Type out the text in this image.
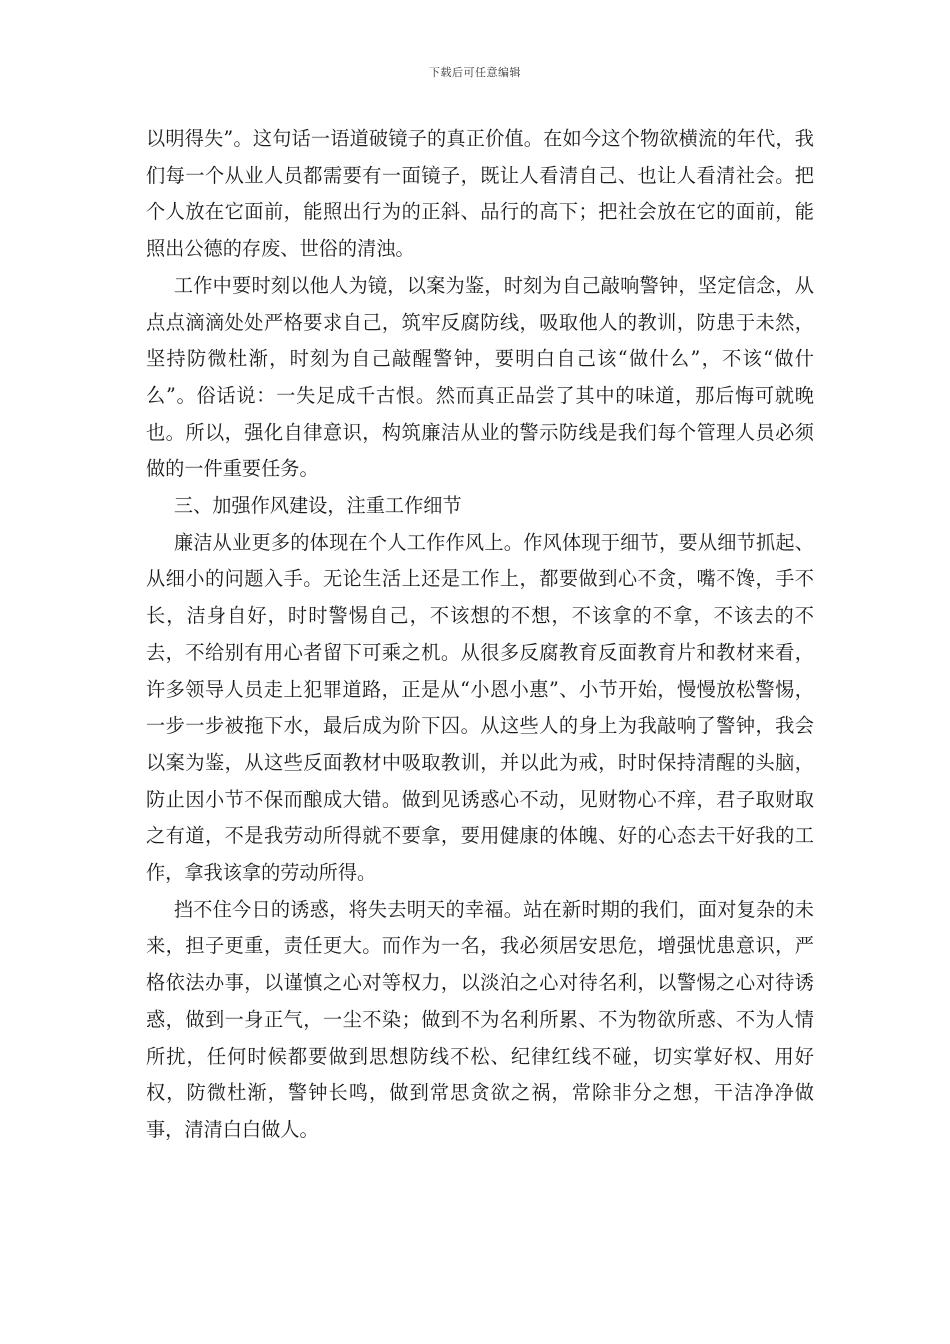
下载后可任意编辑

以明得失”。这句话一语道破镜子的真正价值。在如今这个物欲横流的年代，我们每一个从业人员都需要有一面镜子，既让人看清自己、也让人看清社会。把个人放在它面前，能照出行为的正斜、品行的高下；把社会放在它的面前，能照出公德的存废、世俗的清浊。

工作中要时刻以他人为镜，以案为鉴，时刻为自己敲响警钟，坚定信念，从点点滴滴处处严格要求自己，筑牢反腐防线，吸取他人的教训，防患于未然，坚持防微杜渐，时刻为自己敲醒警钟，要明白自己该“做什么”，不该“做什么”。俗话说：一失足成千古恨。然而真正品尝了其中的味道，那后悔可就晚也。所以，强化自律意识，构筑廉洁从业的警示防线是我们每个管理人员必须做的一件重要任务。

三、加强作风建设，注重工作细节

廉洁从业更多的体现在个人工作作风上。作风体现于细节，要从细节抓起、从细小的问题入手。无论生活上还是工作上，都要做到心不贪，嘴不馋，手不长，洁身自好，时时警惕自己，不该想的不想，不该拿的不拿，不该去的不去，不给别有用心者留下可乘之机。从很多反腐教育反面教育片和教材来看，许多领导人员走上犯罪道路，正是从“小恩小惠”、小节开始，慢慢放松警惕，一步一步被拖下水，最后成为阶下囚。从这些人的身上为我敲响了警钟，我会以案为鉴，从这些反面教材中吸取教训，并以此为戒，时时保持清醒的头脑，防止因小节不保而酿成大错。做到见诱惑心不动，见财物心不痒，君子取财取之有道，不是我劳动所得就不要拿，要用健康的体魄、好的心态去干好我的工作，拿我该拿的劳动所得。

挡不住今日的诱惑，将失去明天的幸福。站在新时期的我们，面对复杂的未来，担子更重，责任更大。而作为一名，我必须居安思危，增强忧患意识，严格依法办事，以谨慎之心对等权力，以淡泊之心对待名利，以警惕之心对待诱惑，做到一身正气，一尘不染；做到不为名利所累、不为物欲所惑、不为人情所扰，任何时候都要做到思想防线不松、纪律红线不碰，切实掌好权、用好权，防微杜渐，警钟长鸣，做到常思贪欲之祸，常除非分之想，干洁净净做事，清清白白做人。
